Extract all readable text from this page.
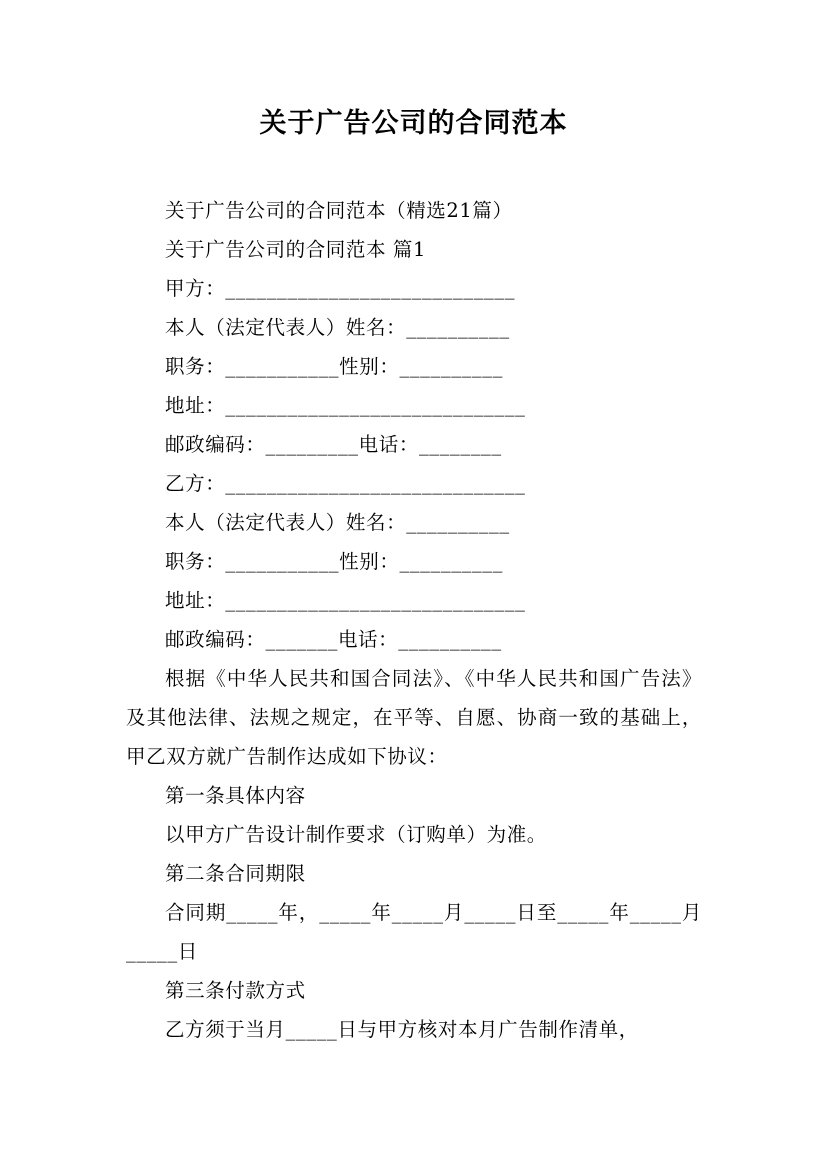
关于广告公司的合同范本

关于广告公司的合同范本（精选21篇）

关于广告公司的合同范本 篇1

甲方：____________________________

本人（法定代表人）姓名：__________

职务：___________性别：__________

地址：_____________________________

邮政编码：_________电话：________

乙方：_____________________________

本人（法定代表人）姓名：__________

职务：___________性别：__________

地址：_____________________________

邮政编码：_______电话：__________

根据《中华人民共和国合同法》、《中华人民共和国广告法》及其他法律、法规之规定，在平等、自愿、协商一致的基础上，甲乙双方就广告制作达成如下协议：

第一条具体内容

以甲方广告设计制作要求（订购单）为准。

第二条合同期限

合同期_____年，_____年_____月_____日至_____年_____月_____日

第三条付款方式

乙方须于当月_____日与甲方核对本月广告制作清单，
